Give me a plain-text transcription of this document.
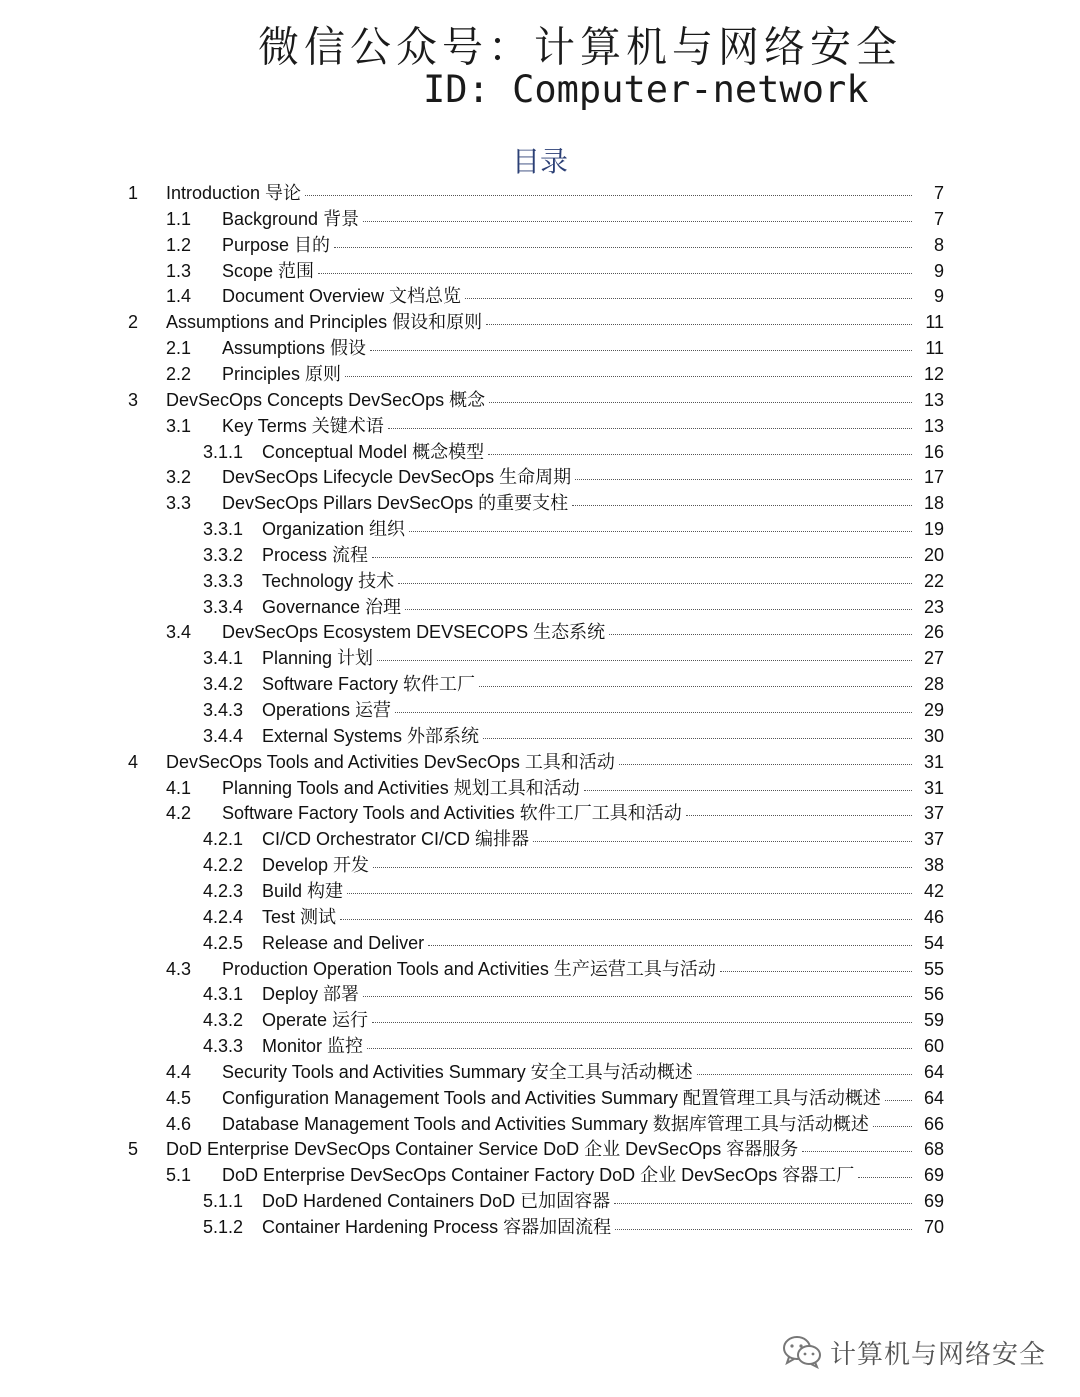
微信公众号：计算机与网络安全
ID: Computer-network
目录
1 Introduction 导论	7
1.1 Background 背景	7
1.2 Purpose 目的	8
1.3 Scope 范围	9
1.4 Document Overview 文档总览	9
2 Assumptions and Principles 假设和原则	11
2.1 Assumptions 假设	11
2.2 Principles 原则	12
3 DevSecOps Concepts DevSecOps 概念	13
3.1 Key Terms 关键术语	13
3.1.1 Conceptual Model 概念模型	16
3.2 DevSecOps Lifecycle DevSecOps 生命周期	17
3.3 DevSecOps Pillars DevSecOps 的重要支柱	18
3.3.1 Organization 组织	19
3.3.2 Process 流程	20
3.3.3 Technology 技术	22
3.3.4 Governance 治理	23
3.4 DevSecOps Ecosystem DEVSECOPS 生态系统	26
3.4.1 Planning 计划	27
3.4.2 Software Factory 软件工厂	28
3.4.3 Operations 运营	29
3.4.4 External Systems 外部系统	30
4 DevSecOps Tools and Activities DevSecOps 工具和活动	31
4.1 Planning Tools and Activities 规划工具和活动	31
4.2 Software Factory Tools and Activities 软件工厂工具和活动	37
4.2.1 CI/CD Orchestrator CI/CD 编排器	37
4.2.2 Develop 开发	38
4.2.3 Build 构建	42
4.2.4 Test 测试	46
4.2.5 Release and Deliver	54
4.3 Production Operation Tools and Activities 生产运营工具与活动	55
4.3.1 Deploy 部署	56
4.3.2 Operate 运行	59
4.3.3 Monitor 监控	60
4.4 Security Tools and Activities Summary 安全工具与活动概述	64
4.5 Configuration Management Tools and Activities Summary 配置管理工具与活动概述	64
4.6 Database Management Tools and Activities Summary 数据库管理工具与活动概述	66
5 DoD Enterprise DevSecOps Container Service DoD 企业 DevSecOps 容器服务	68
5.1 DoD Enterprise DevSecOps Container Factory DoD 企业 DevSecOps 容器工厂	69
5.1.1 DoD Hardened Containers DoD 已加固容器	69
5.1.2 Container Hardening Process 容器加固流程	70
计算机与网络安全
